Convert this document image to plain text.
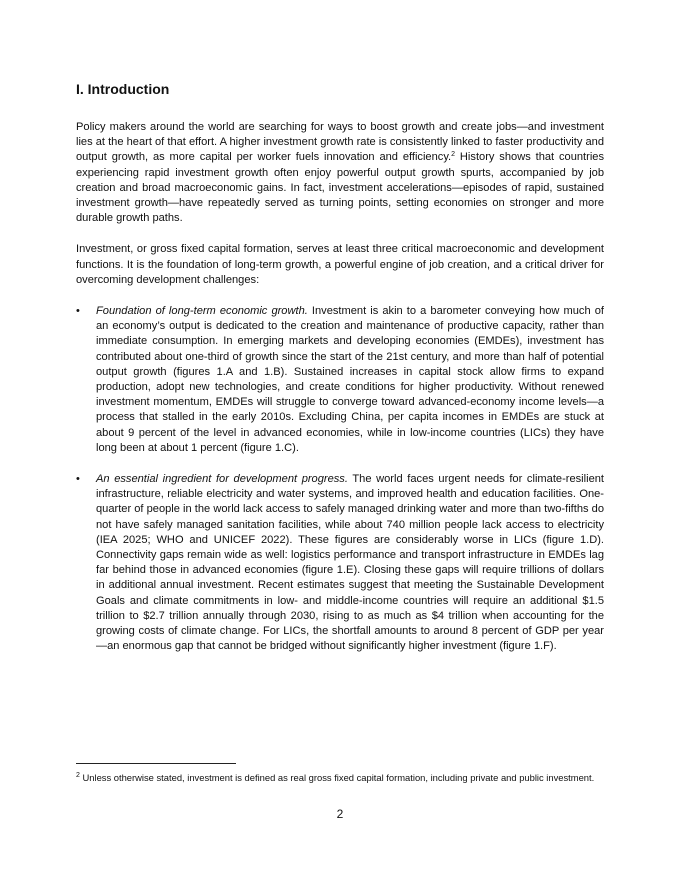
I. Introduction

Policy makers around the world are searching for ways to boost growth and create jobs—and investment lies at the heart of that effort. A higher investment growth rate is consistently linked to faster productivity and output growth, as more capital per worker fuels innovation and efficiency.$^2$ History shows that countries experiencing rapid investment growth often enjoy powerful output growth spurts, accompanied by job creation and broad macroeconomic gains. In fact, investment accelerations—episodes of rapid, sustained investment growth—have repeatedly served as turning points, setting economies on stronger and more durable growth paths.

Investment, or gross fixed capital formation, serves at least three critical macroeconomic and development functions. It is the foundation of long-term growth, a powerful engine of job creation, and a critical driver for overcoming development challenges:

• Foundation of long-term economic growth. Investment is akin to a barometer conveying how much of an economy’s output is dedicated to the creation and maintenance of productive capacity, rather than immediate consumption. In emerging markets and developing economies (EMDEs), investment has contributed about one-third of growth since the start of the 21st century, and more than half of potential output growth (figures 1.A and 1.B). Sustained increases in capital stock allow firms to expand production, adopt new technologies, and create conditions for higher productivity. Without renewed investment momentum, EMDEs will struggle to converge toward advanced-economy income levels—a process that stalled in the early 2010s. Excluding China, per capita incomes in EMDEs are stuck at about 9 percent of the level in advanced economies, while in low-income countries (LICs) they have long been at about 1 percent (figure 1.C).
• An essential ingredient for development progress. The world faces urgent needs for climate-resilient infrastructure, reliable electricity and water systems, and improved health and education facilities. One-quarter of people in the world lack access to safely managed drinking water and more than two-fifths do not have safely managed sanitation facilities, while about 740 million people lack access to electricity (IEA 2025; WHO and UNICEF 2022). These figures are considerably worse in LICs (figure 1.D). Connectivity gaps remain wide as well: logistics performance and transport infrastructure in EMDEs lag far behind those in advanced economies (figure 1.E). Closing these gaps will require trillions of dollars in additional annual investment. Recent estimates suggest that meeting the Sustainable Development Goals and climate commitments in low- and middle-income countries will require an additional $1.5 trillion to $2.7 trillion annually through 2030, rising to as much as $4 trillion when accounting for the growing costs of climate change. For LICs, the shortfall amounts to around 8 percent of GDP per year—an enormous gap that cannot be bridged without significantly higher investment (figure 1.F).
$^2$ Unless otherwise stated, investment is defined as real gross fixed capital formation, including private and public investment.
2
